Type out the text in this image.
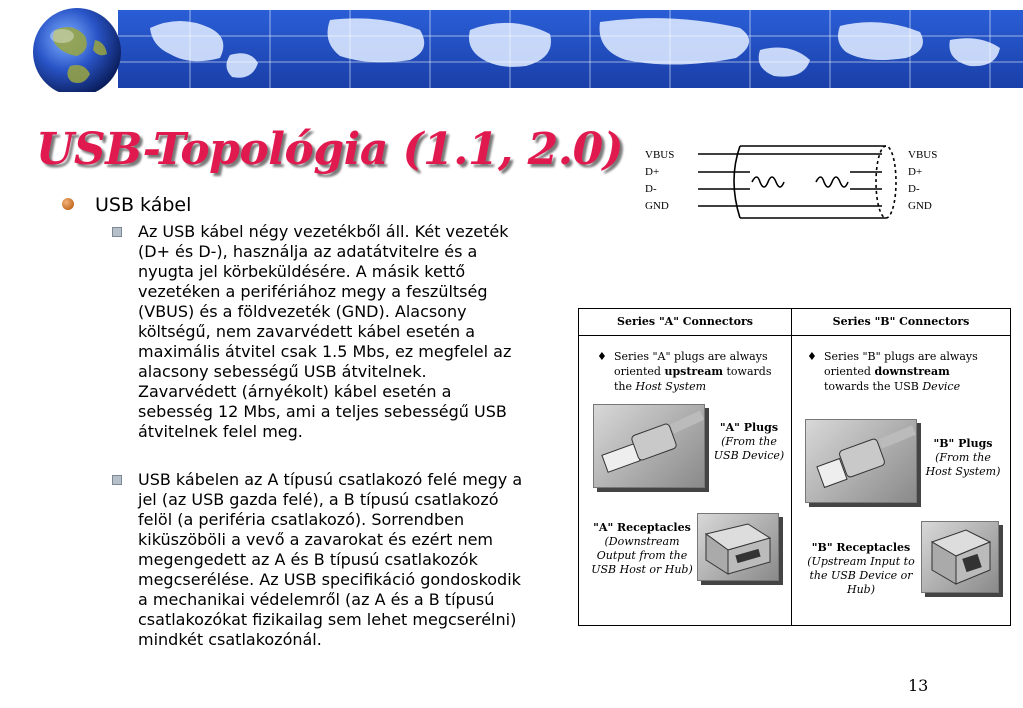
USB-Topológia (1.1, 2.0) VBUS
D+
D-
GND
VBUS
D+
D-
GND
USB kábel
Az USB kábel négy vezetékből áll. Két vezeték (D+ és D-), használja az adatátvitelre és a nyugta jel körbeküldésére. A másik kettő vezetéken a perifériához megy a feszültség (VBUS) és a földvezeték (GND). Alacsony költségű, nem zavarvédett kábel esetén a maximális átvitel csak 1.5 Mbs, ez megfelel az alacsony sebességű USB átvitelnek. Zavarvédett (árnyékolt) kábel esetén a sebesség 12 Mbs, ami a teljes sebességű USB átvitelnek felel meg.
USB kábelen az A típusú csatlakozó felé megy a jel (az USB gazda felé), a B típusú csatlakozó felöl (a periféria csatlakozó). Sorrendben kiküszöböli a vevő a zavarokat és ezért nem megengedett az A és B típusú csatlakozók megcserélése. Az USB specifikáció gondoskodik a mechanikai védelemről (az A és a B típusú csatlakozókat fizikailag sem lehet megcserélni) mindkét csatlakozónál.
Series "A" Connectors	Series "B" Connectors
♦ Series "A" plugs are always oriented upstream towards the Host System
♦ Series "B" plugs are always oriented downstream towards the USB Device
"A" Plugs
(From the USB Device)
"A" Receptacles
(Downstream Output from the USB Host or Hub)
"B" Plugs
(From the Host System)
"B" Receptacles
(Upstream Input to the USB Device or Hub)
13
